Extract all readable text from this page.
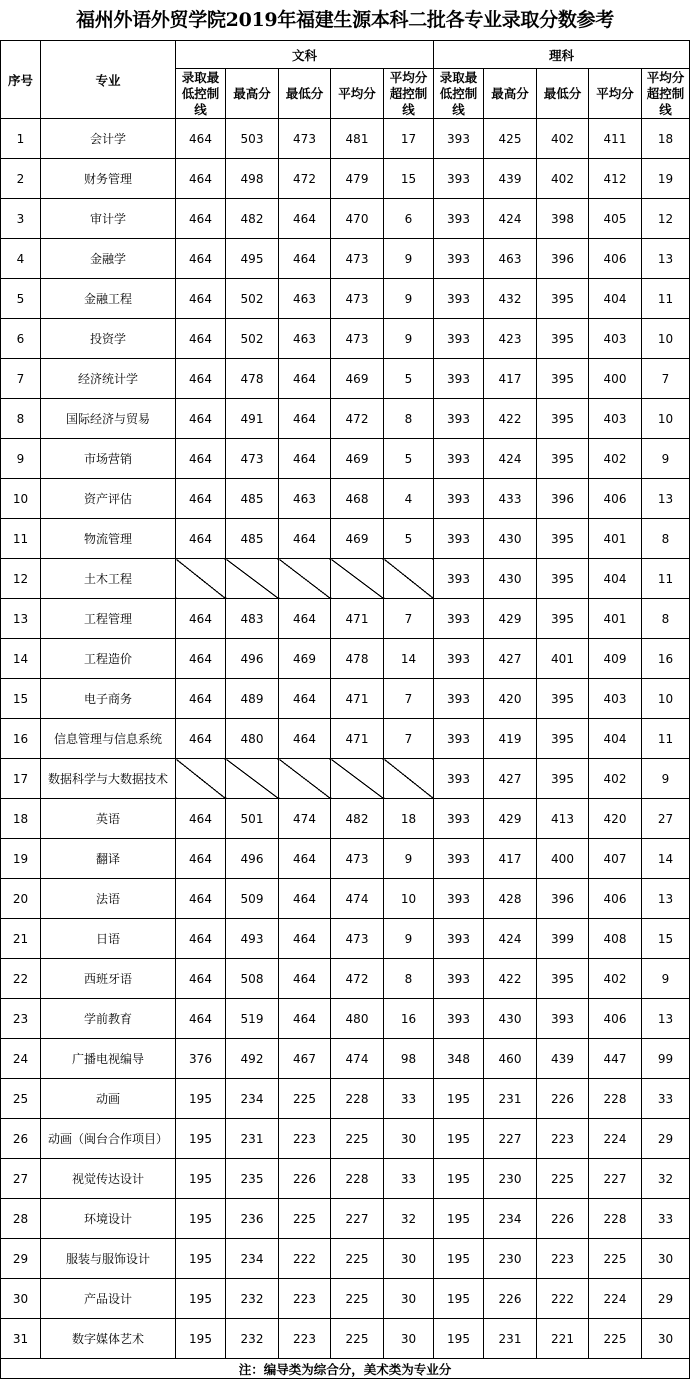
福州外语外贸学院2019年福建生源本科二批各专业录取分数参考
序号	专业	文科					理科				
		录取最低控制线	最高分	最低分	平均分	平均分超控制线	录取最低控制线	最高分	最低分	平均分	平均分超控制线
1	会计学	464	503	473	481	17	393	425	402	411	18
2	财务管理	464	498	472	479	15	393	439	402	412	19
3	审计学	464	482	464	470	6	393	424	398	405	12
4	金融学	464	495	464	473	9	393	463	396	406	13
5	金融工程	464	502	463	473	9	393	432	395	404	11
6	投资学	464	502	463	473	9	393	423	395	403	10
7	经济统计学	464	478	464	469	5	393	417	395	400	7
8	国际经济与贸易	464	491	464	472	8	393	422	395	403	10
9	市场营销	464	473	464	469	5	393	424	395	402	9
10	资产评估	464	485	463	468	4	393	433	396	406	13
11	物流管理	464	485	464	469	5	393	430	395	401	8
12	土木工程						393	430	395	404	11
13	工程管理	464	483	464	471	7	393	429	395	401	8
14	工程造价	464	496	469	478	14	393	427	401	409	16
15	电子商务	464	489	464	471	7	393	420	395	403	10
16	信息管理与信息系统	464	480	464	471	7	393	419	395	404	11
17	数据科学与大数据技术						393	427	395	402	9
18	英语	464	501	474	482	18	393	429	413	420	27
19	翻译	464	496	464	473	9	393	417	400	407	14
20	法语	464	509	464	474	10	393	428	396	406	13
21	日语	464	493	464	473	9	393	424	399	408	15
22	西班牙语	464	508	464	472	8	393	422	395	402	9
23	学前教育	464	519	464	480	16	393	430	393	406	13
24	广播电视编导	376	492	467	474	98	348	460	439	447	99
25	动画	195	234	225	228	33	195	231	226	228	33
26	动画（闽台合作项目）	195	231	223	225	30	195	227	223	224	29
27	视觉传达设计	195	235	226	228	33	195	230	225	227	32
28	环境设计	195	236	225	227	32	195	234	226	228	33
29	服装与服饰设计	195	234	222	225	30	195	230	223	225	30
30	产品设计	195	232	223	225	30	195	226	222	224	29
31	数字媒体艺术	195	232	223	225	30	195	231	221	225	30
注：编导类为综合分，美术类为专业分											
